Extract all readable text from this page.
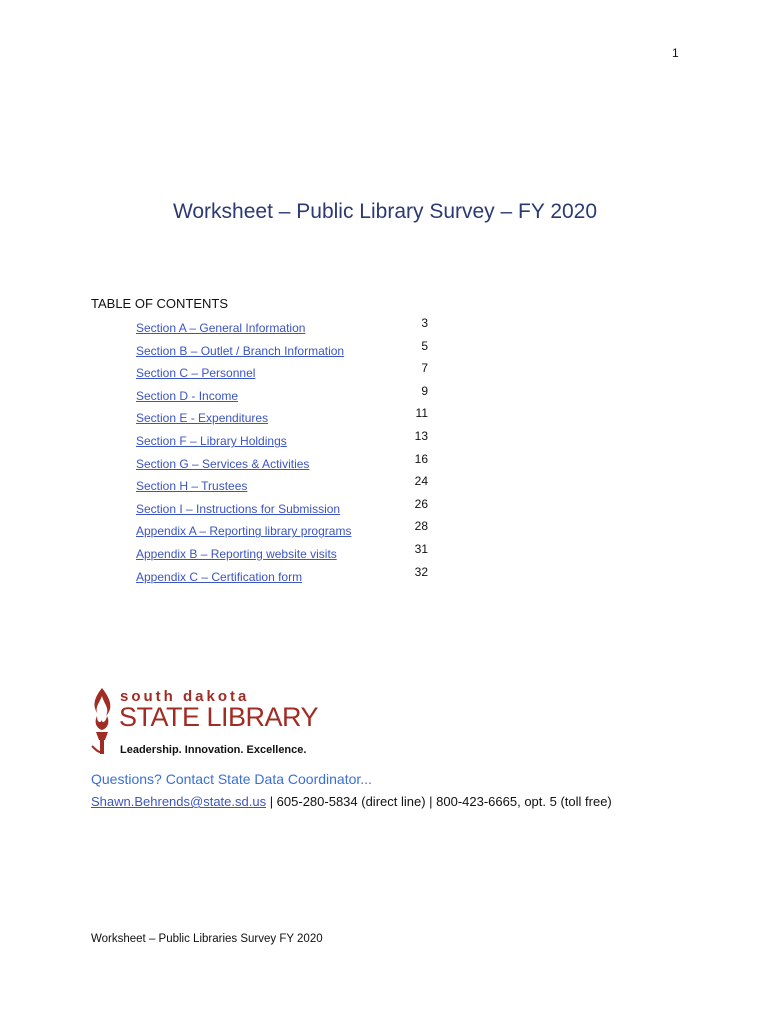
1
Worksheet – Public Library Survey – FY 2020
TABLE OF CONTENTS
Section A – General Information	3
Section B – Outlet / Branch Information	5
Section C – Personnel	7
Section D - Income	9
Section E - Expenditures	11
Section F – Library Holdings	13
Section G – Services & Activities	16
Section H – Trustees	24
Section I – Instructions for Submission	26
Appendix A – Reporting library programs	28
Appendix B – Reporting website visits	31
Appendix C – Certification form	32
south dakota
STATE LIBRARY
Leadership. Innovation. Excellence.
Questions? Contact State Data Coordinator...
Shawn.Behrends@state.sd.us | 605-280-5834 (direct line) | 800-423-6665, opt. 5 (toll free)
Worksheet – Public Libraries Survey FY 2020
